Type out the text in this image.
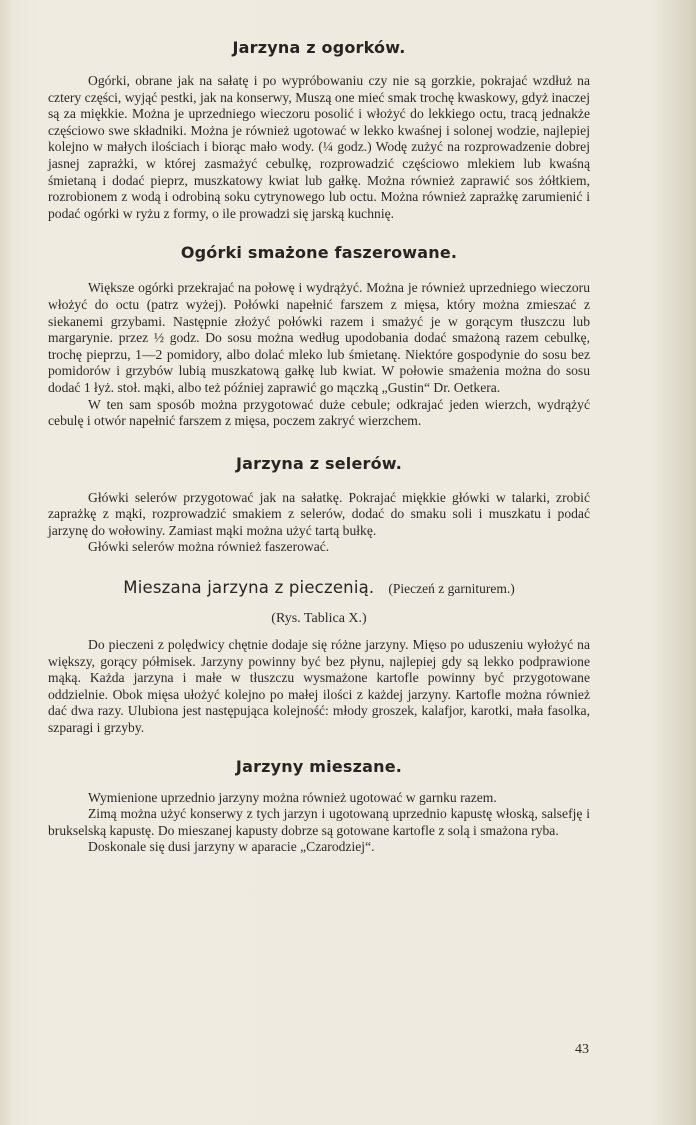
Jarzyna z ogorków.

Ogórki, obrane jak na sałatę i po wypróbowaniu czy nie są gorzkie, pokrajać wzdłuż na cztery części, wyjąć pestki, jak na konserwy, Muszą one mieć smak trochę kwaskowy, gdyż inaczej są za miękkie. Można je uprzedniego wieczoru posolić i włożyć do lekkiego octu, tracą jednakże częściowo swe składniki. Można je również ugotować w lekko kwaśnej i solonej wodzie, najlepiej kolejno w małych ilościach i biorąc mało wody. (¼ godz.) Wodę zużyć na rozprowadzenie dobrej jasnej zaprażki, w której zasmażyć cebulkę, rozprowadzić częściowo mlekiem lub kwaśną śmietaną i dodać pieprz, muszkatowy kwiat lub gałkę. Można również zaprawić sos żółtkiem, rozrobionem z wodą i odrobiną soku cytrynowego lub octu. Można również zaprażkę zarumienić i podać ogórki w ryżu z formy, o ile prowadzi się jarską kuchnię.

Ogórki smażone faszerowane.

Większe ogórki przekrajać na połowę i wydrążyć. Można je również uprzedniego wieczoru włożyć do octu (patrz wyżej). Połówki napełnić farszem z mięsa, który można zmieszać z siekanemi grzybami. Następnie złożyć połówki razem i smażyć je w gorącym tłuszczu lub margarynie. przez ½ godz. Do sosu można według upodobania dodać smażoną razem cebulkę, trochę pieprzu, 1—2 pomidory, albo dolać mleko lub śmietanę. Niektóre gospodynie do sosu bez pomidorów i grzybów lubią muszkatową gałkę lub kwiat. W połowie smażenia można do sosu dodać 1 łyż. stoł. mąki, albo też później zaprawić go mączką „Gustin“ Dr. Oetkera.

W ten sam sposób można przygotować duże cebule; odkrajać jeden wierzch, wydrążyć cebulę i otwór napełnić farszem z mięsa, poczem zakryć wierzchem.

Jarzyna z selerów.

Główki selerów przygotować jak na sałatkę. Pokrajać miękkie główki w talarki, zrobić zaprażkę z mąki, rozprowadzić smakiem z selerów, dodać do smaku soli i muszkatu i podać jarzynę do wołowiny. Zamiast mąki można użyć tartą bułkę.

Główki selerów można również faszerować.

Mieszana jarzyna z pieczenią. (Pieczeń z garniturem.)
(Rys. Tablica X.)

Do pieczeni z polędwicy chętnie dodaje się różne jarzyny. Mięso po uduszeniu wyłożyć na większy, gorący półmisek. Jarzyny powinny być bez płynu, najlepiej gdy są lekko podprawione mąką. Każda jarzyna i małe w tłuszczu wysmażone kartofle powinny być przygotowane oddzielnie. Obok mięsa ułożyć kolejno po małej ilości z każdej jarzyny. Kartofle można również dać dwa razy. Ulubiona jest następująca kolejność: młody groszek, kalafjor, karotki, mała fasolka, szparagi i grzyby.

Jarzyny mieszane.

Wymienione uprzednio jarzyny można również ugotować w garnku razem.

Zimą można użyć konserwy z tych jarzyn i ugotowaną uprzednio kapustę włoską, salsefję i brukselską kapustę. Do mieszanej kapusty dobrze są gotowane kartofle z solą i smażona ryba.

Doskonale się dusi jarzyny w aparacie „Czarodziej“.

43
